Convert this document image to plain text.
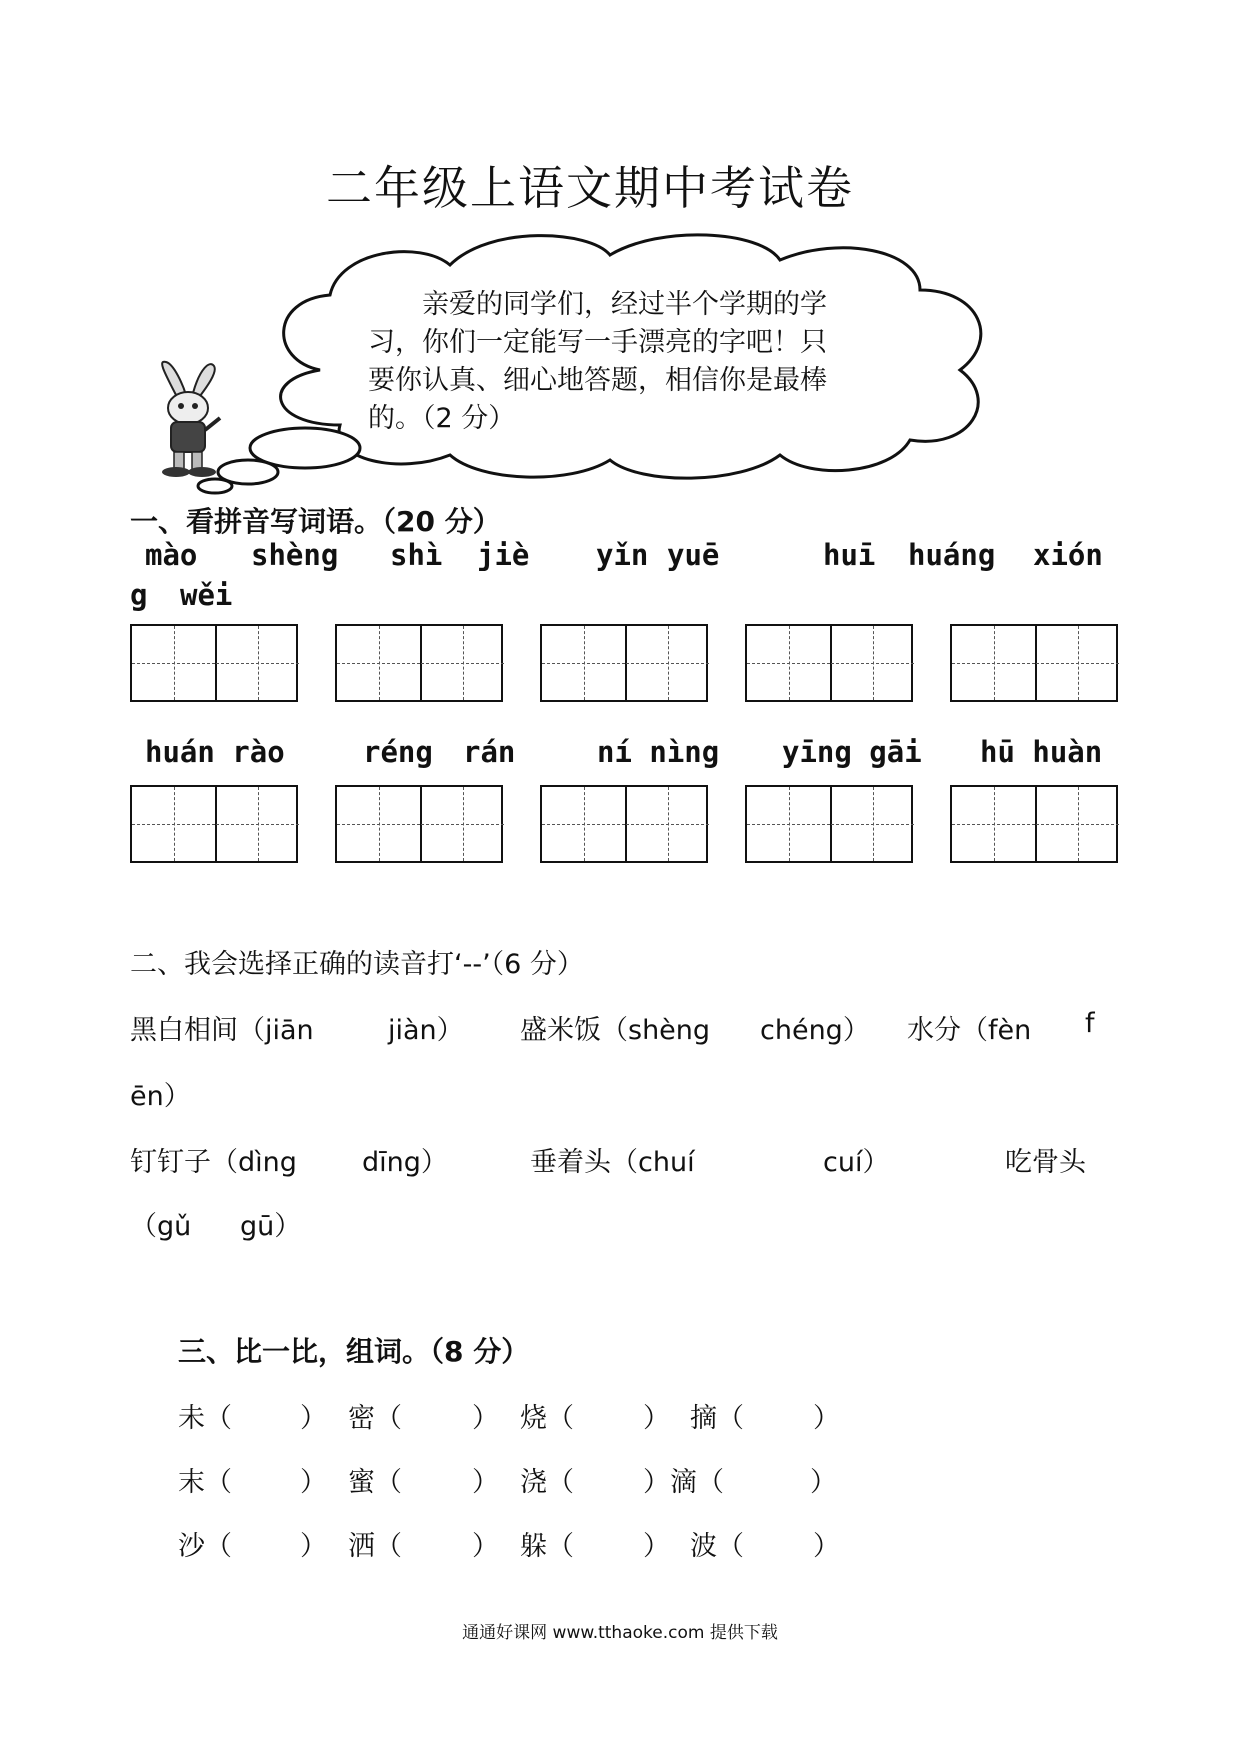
二年级上语文期中考试卷
亲爱的同学们，经过半个学期的学
习，你们一定能写一手漂亮的字吧！只
要你认真、细心地答题，相信你是最棒
的。（2 分）
一、看拼音写词语。（20 分）
mào shèng shì jiè yǐn yuē	huī huáng xión
g wěi
huán rào	réng rán	ní nìng yīng gāi hū huàn
二、我会选择正确的读音打‘--’（6 分）
黑白相间（jiān	jiàn） 盛米饭（shèng chéng） 水分（fèn f
ēn）
钉钉子（dìng dīng）	垂着头（chuí	cuí）	吃骨头
（gǔ gū）
三、比一比，组词。（8 分）
未（	） 密（	） 烧（	） 摘（	）
末（	） 蜜（	） 浇（	）滴（	）
沙（	） 洒（	） 躲（	） 波（	）
通通好课网 www.tthaoke.com 提供下载
